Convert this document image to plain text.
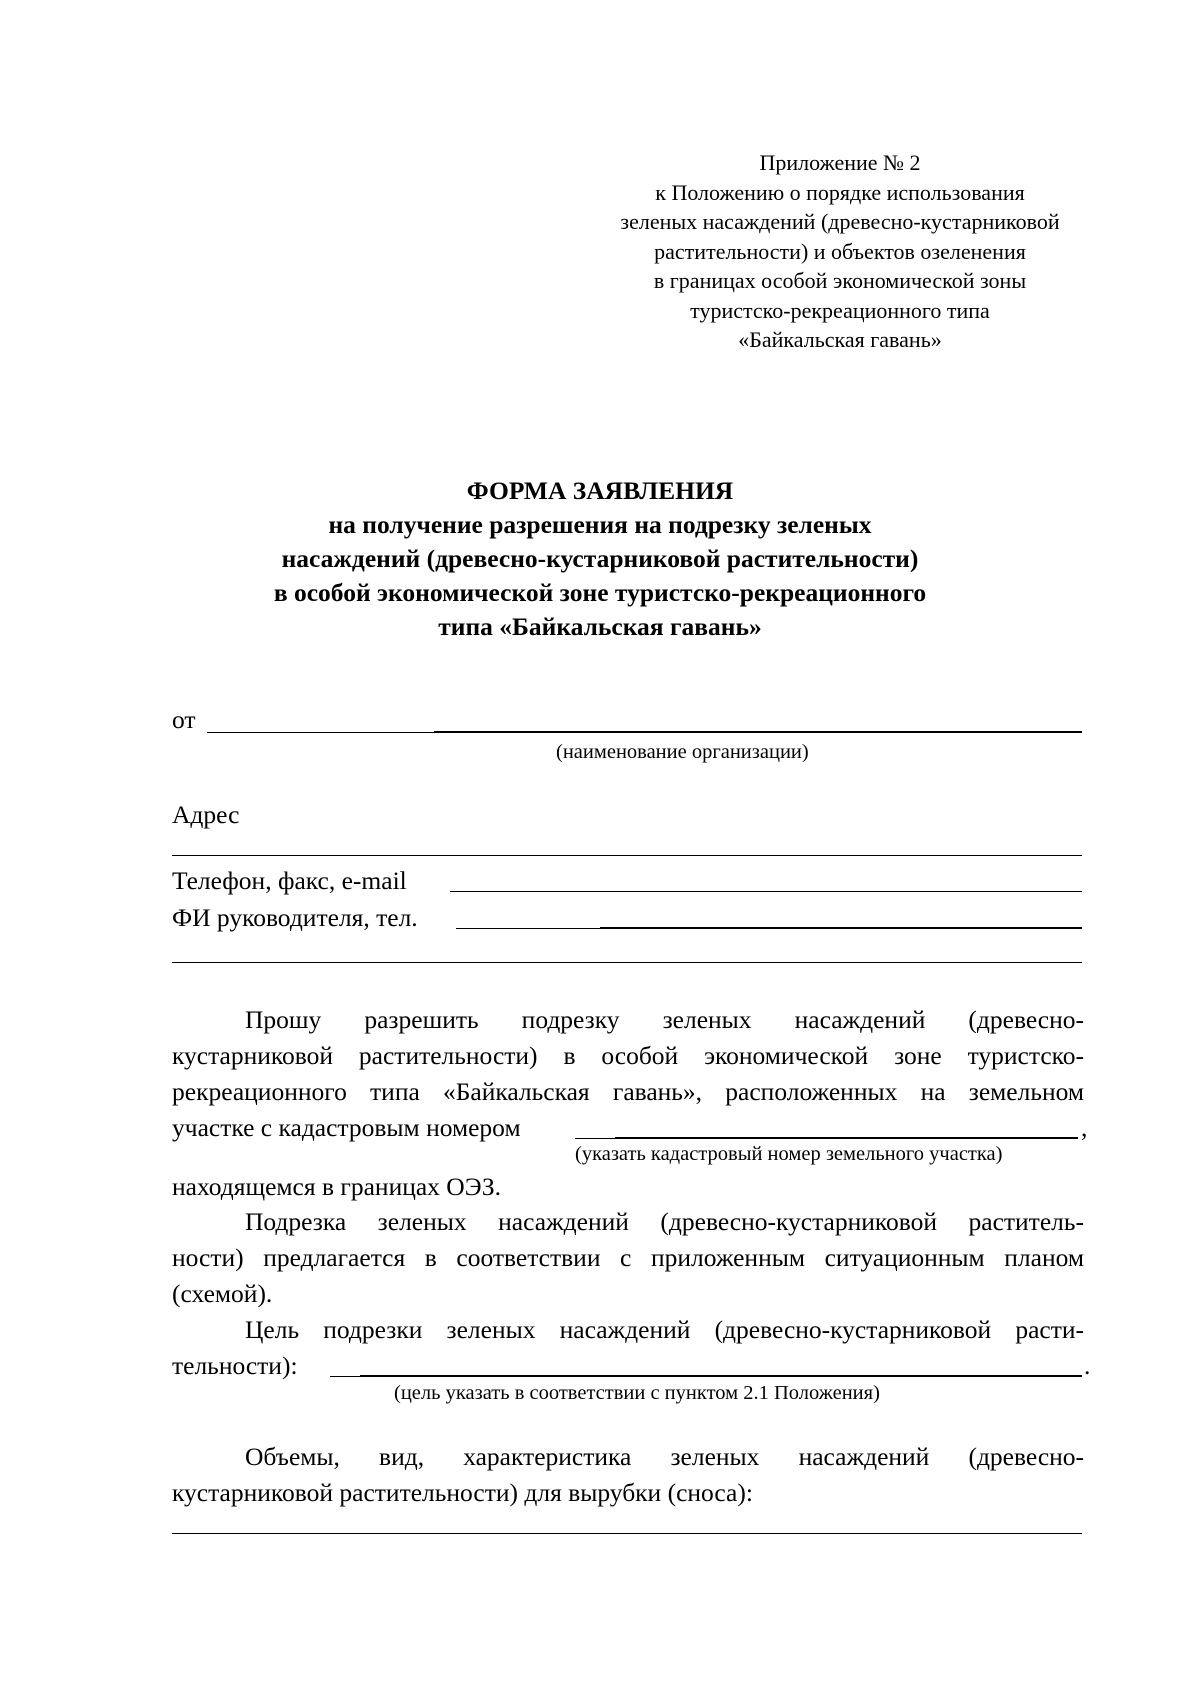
Приложение № 2
к Положению о порядке использования
зеленых насаждений (древесно-кустарниковой
растительности) и объектов озеленения
в границах особой экономической зоны
туристско-рекреационного типа
«Байкальская гавань»
ФОРМА ЗАЯВЛЕНИЯ
на получение разрешения на подрезку зеленых
насаждений (древесно-кустарниковой растительности)
в особой экономической зоне туристско-рекреационного
типа «Байкальская гавань»
от
(наименование организации)
Адрес
Телефон, факс, e-mail
ФИ руководителя, тел.
Прошу разрешить подрезку зеленых насаждений (древесно-
кустарниковой растительности) в особой экономической зоне туристско-
рекреационного типа «Байкальская гавань», расположенных на земельном
участке с кадастровым номером	,
(указать кадастровый номер земельного участка)
находящемся в границах ОЭЗ.
Подрезка зеленых насаждений (древесно-кустарниковой раститель-
ности) предлагается в соответствии с приложенным ситуационным планом
(схемой).
Цель подрезки зеленых насаждений (древесно-кустарниковой расти-
тельности):	.
(цель указать в соответствии с пунктом 2.1 Положения)
Объемы, вид, характеристика зеленых насаждений (древесно-
кустарниковой растительности) для вырубки (сноса):
